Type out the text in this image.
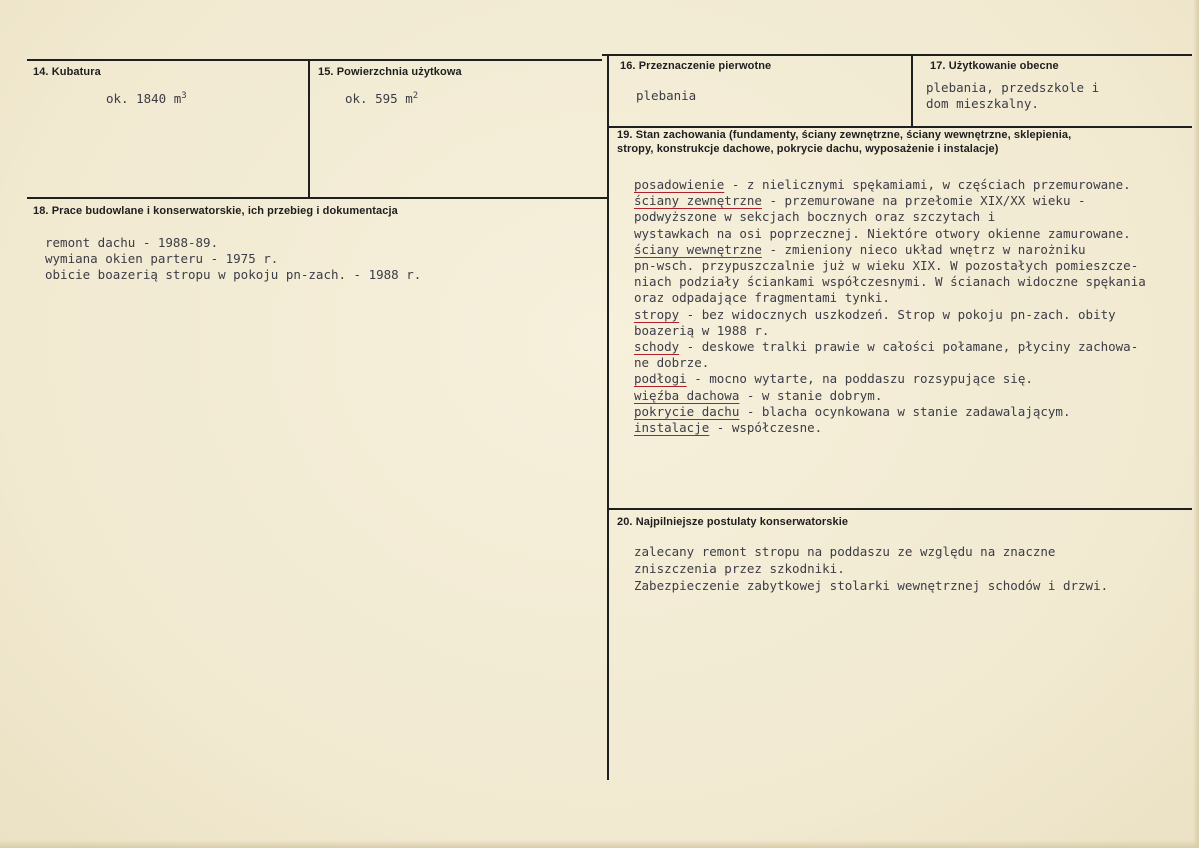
14. Kubatura
ok. 1840 $m^3$
15. Powierzchnia użytkowa
ok. 595 $m^2$
16. Przeznaczenie pierwotne
plebania
17. Użytkowanie obecne
plebania, przedszkole i
dom mieszkalny.
18. Prace budowlane i konserwatorskie, ich przebieg i dokumentacja
remont dachu - 1988-89.
wymiana okien parteru - 1975 r.
obicie boazerią stropu w pokoju pn-zach. - 1988 r.
19. Stan zachowania (fundamenty, ściany zewnętrzne, ściany wewnętrzne, sklepienia, stropy, konstrukcje dachowe, pokrycie dachu, wyposażenie i instalacje)
posadowienie - z nielicznymi spękamiami, w częściach przemurowane.
ściany zewnętrzne - przemurowane na przełomie XIX/XX wieku -
podwyższone w sekcjach bocznych oraz szczytach i
wystawkach na osi poprzecznej. Niektóre otwory okienne zamurowane.
ściany wewnętrzne - zmieniony nieco układ wnętrz w narożniku
pn-wsch. przypuszczalnie już w wieku XIX. W pozostałych pomieszcze-
niach podziały ściankami współczesnymi. W ścianach widoczne spękania
oraz odpadające fragmentami tynki.
stropy - bez widocznych uszkodzeń. Strop w pokoju pn-zach. obity
boazerią w 1988 r.
schody - deskowe tralki prawie w całości połamane, płyciny zachowa-
ne dobrze.
podłogi - mocno wytarte, na poddaszu rozsypujące się.
więźba dachowa - w stanie dobrym.
pokrycie dachu - blacha ocynkowana w stanie zadawalającym.
instalacje - współczesne.
20. Najpilniejsze postulaty konserwatorskie
zalecany remont stropu na poddaszu ze względu na znaczne
zniszczenia przez szkodniki.
Zabezpieczenie zabytkowej stolarki wewnętrznej schodów i drzwi.
